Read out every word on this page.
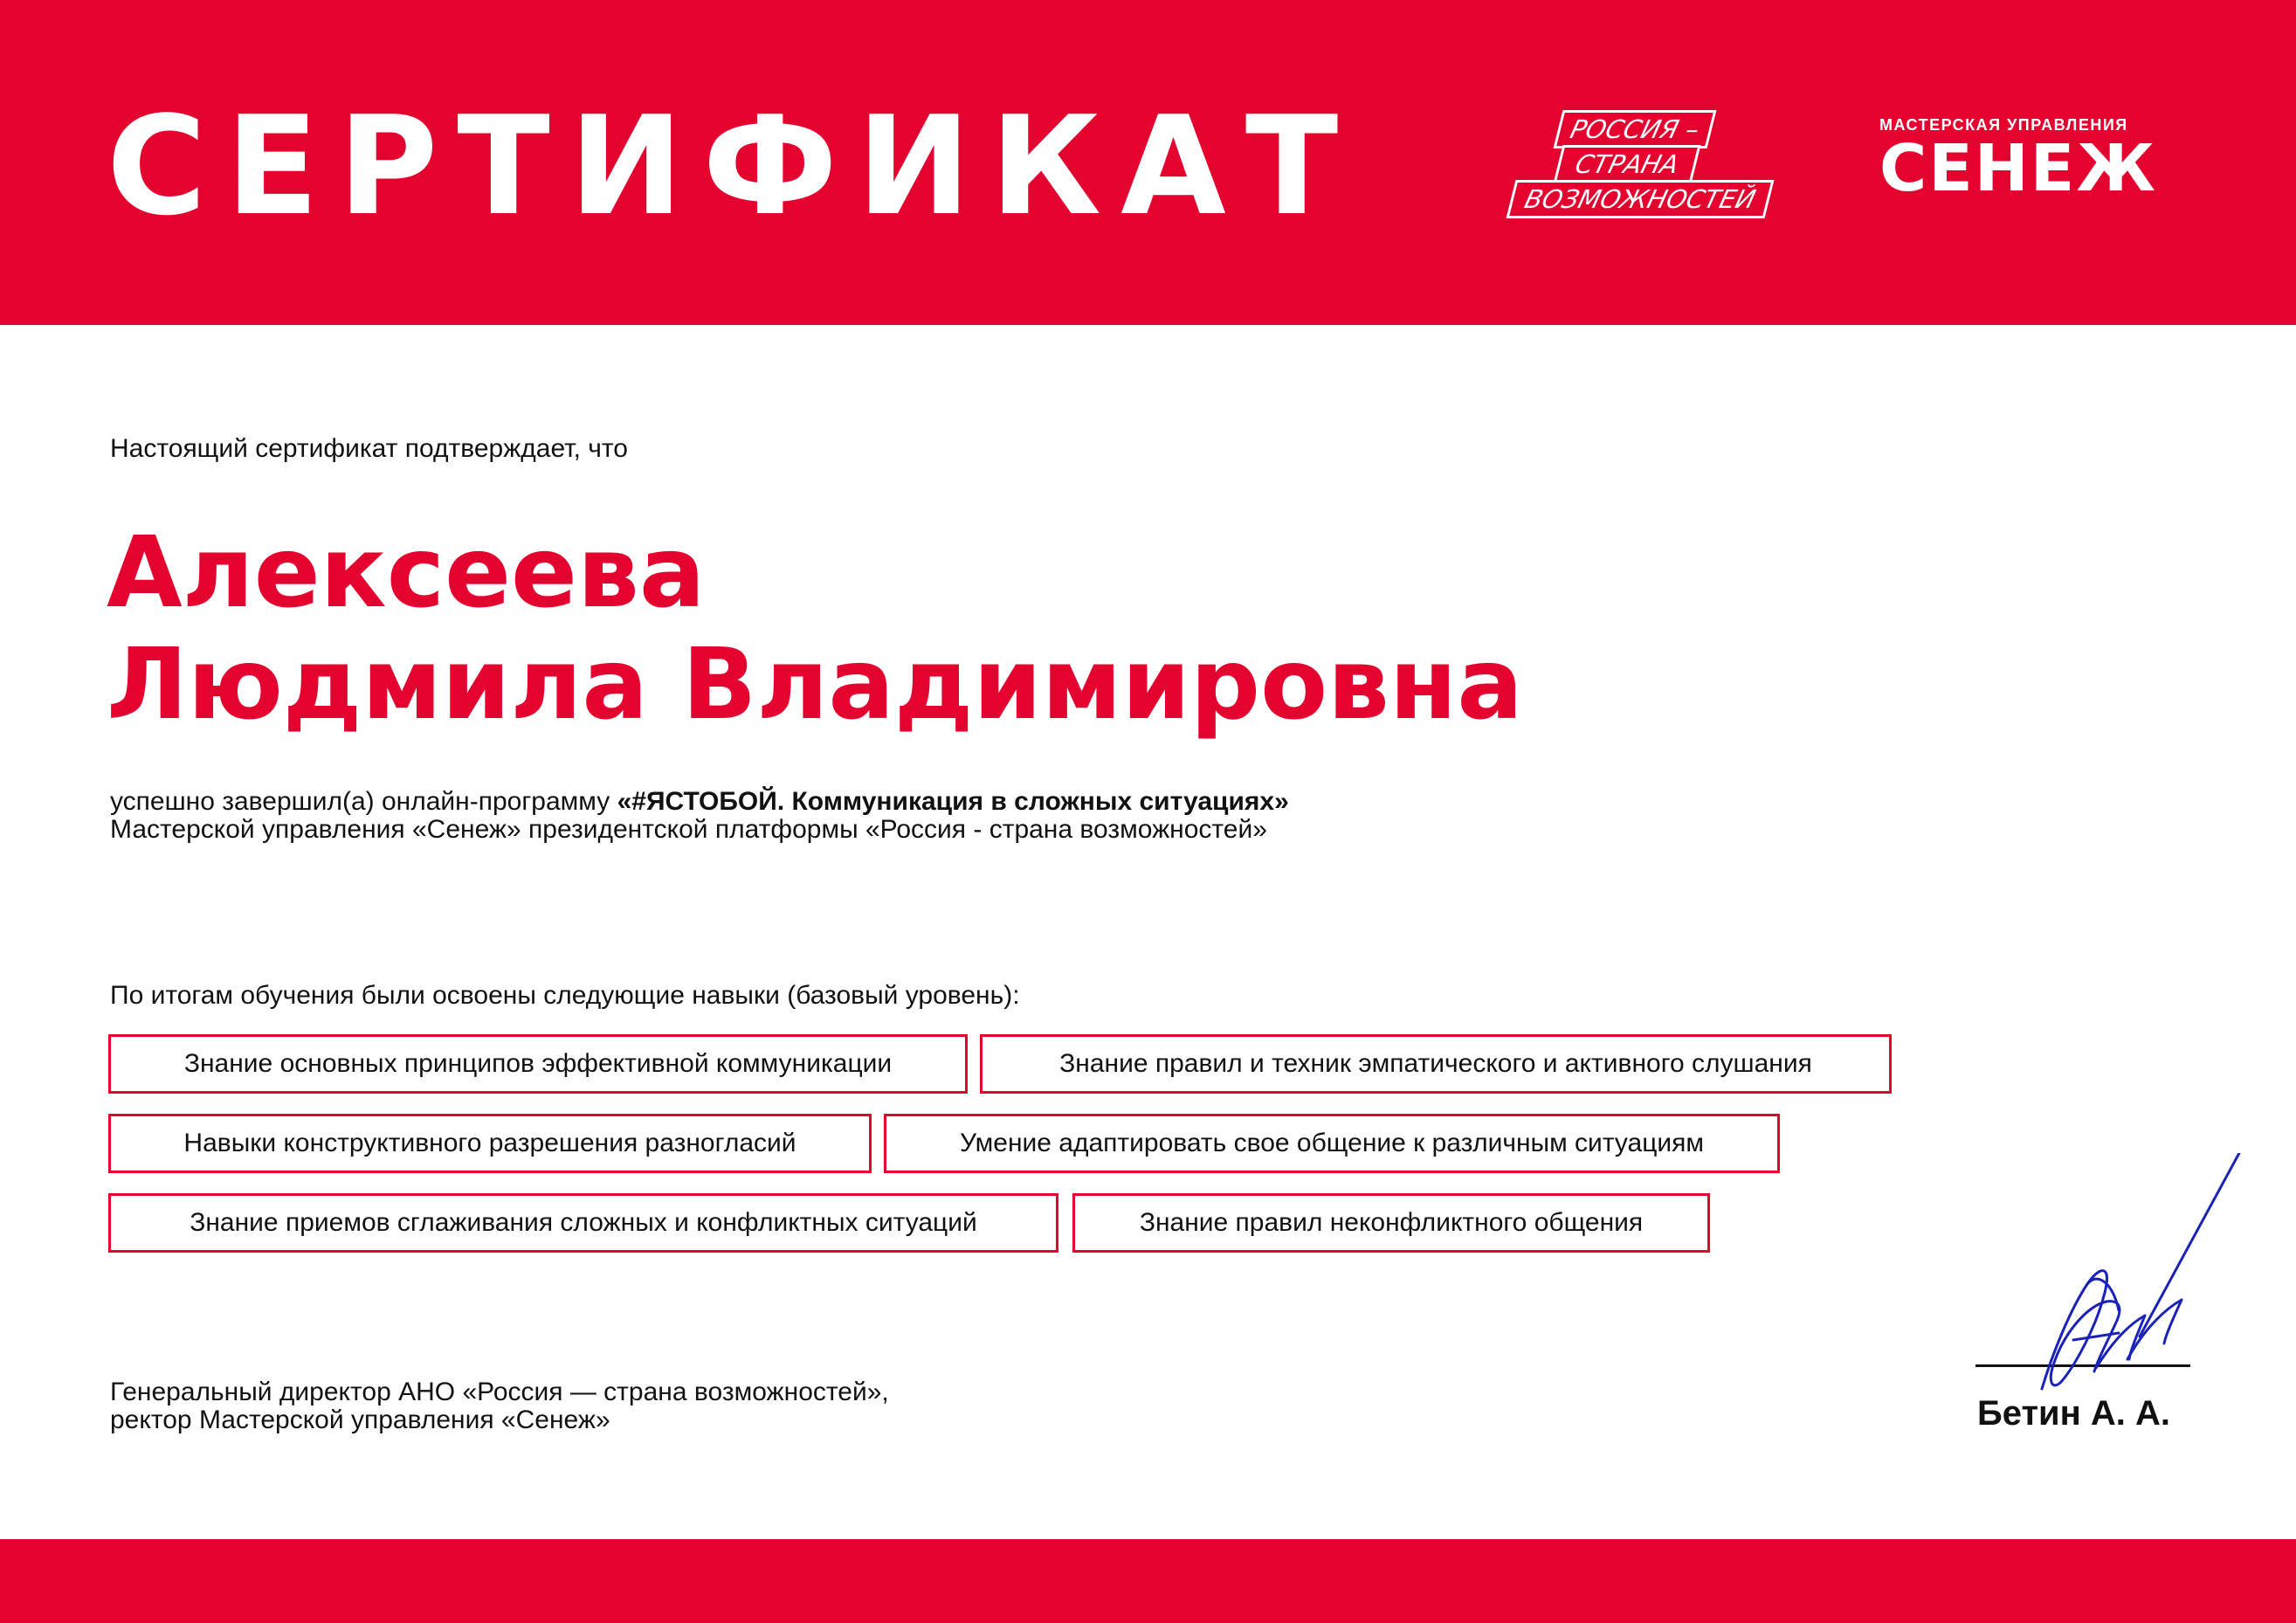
СЕРТИФИКАТ	РОССИЯ –
СТРАНА
ВОЗМОЖНОСТЕЙ
МАСТЕРСКАЯ УПРАВЛЕНИЯ
СЕНЕЖ
Настоящий сертификат подтверждает, что
Алексеева
Людмила Владимировна
успешно завершил(а) онлайн-программу «#ЯСТОБОЙ. Коммуникация в сложных ситуациях»
Мастерской управления «Сенеж» президентской платформы «Россия - страна возможностей»
По итогам обучения были освоены следующие навыки (базовый уровень):
Знание основных принципов эффективной коммуникации	Знание правил и техник эмпатического и активного слушания
Навыки конструктивного разрешения разногласий	Умение адаптировать свое общение к различным ситуациям
Знание приемов сглаживания сложных и конфликтных ситуаций	Знание правил неконфликтного общения
Генеральный директор АНО «Россия — страна возможностей»,
ректор Мастерской управления «Сенеж»	Бетин А. А.
